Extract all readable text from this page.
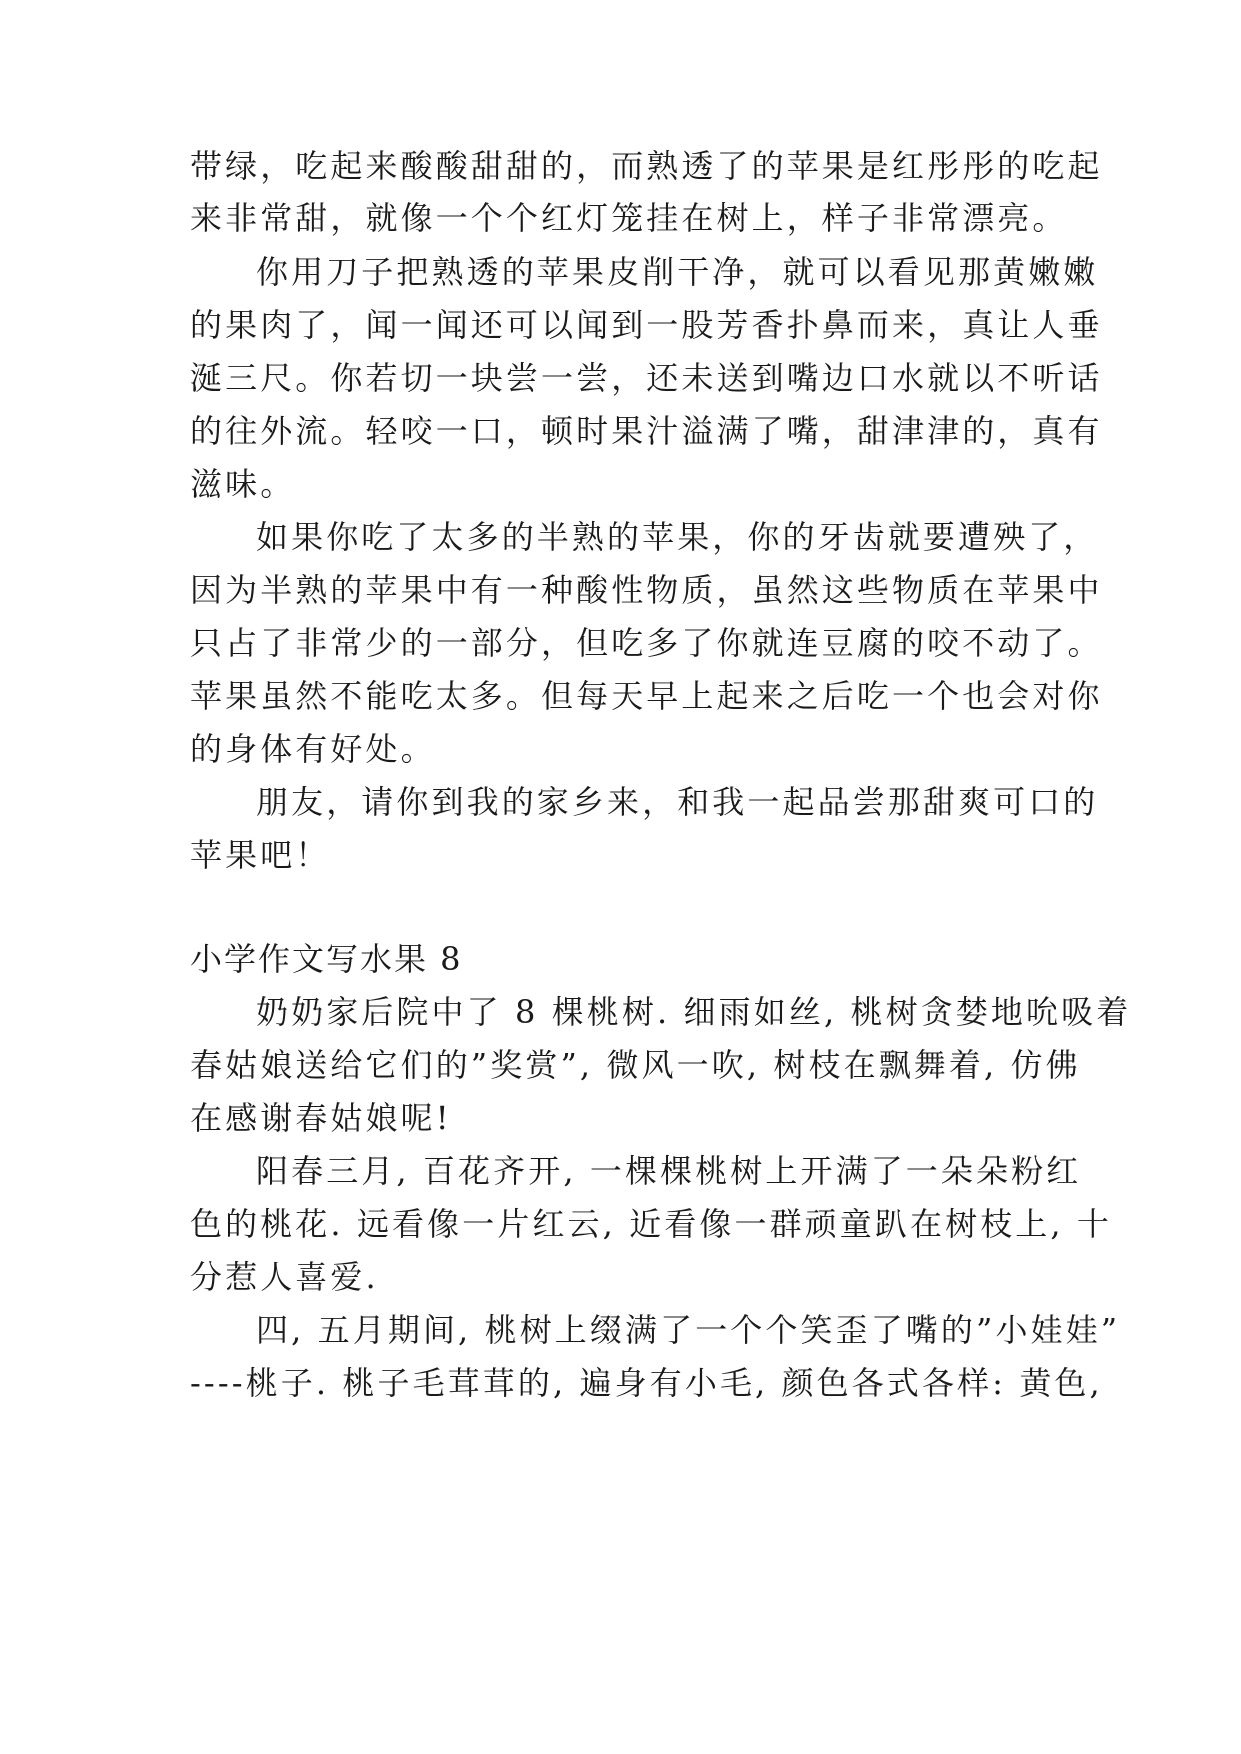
带绿，吃起来酸酸甜甜的，而熟透了的苹果是红彤彤的吃起
来非常甜，就像一个个红灯笼挂在树上，样子非常漂亮。
你用刀子把熟透的苹果皮削干净，就可以看见那黄嫩嫩
的果肉了，闻一闻还可以闻到一股芳香扑鼻而来，真让人垂
涎三尺。你若切一块尝一尝，还未送到嘴边口水就以不听话
的往外流。轻咬一口，顿时果汁溢满了嘴，甜津津的，真有
滋味。
如果你吃了太多的半熟的苹果，你的牙齿就要遭殃了，
因为半熟的苹果中有一种酸性物质，虽然这些物质在苹果中
只占了非常少的一部分，但吃多了你就连豆腐的咬不动了。
苹果虽然不能吃太多。但每天早上起来之后吃一个也会对你
的身体有好处。
朋友，请你到我的家乡来，和我一起品尝那甜爽可口的
苹果吧！
小学作文写水果 8
奶奶家后院中了 8 棵桃树. 细雨如丝, 桃树贪婪地吮吸着
春姑娘送给它们的”奖赏”, 微风一吹, 树枝在飘舞着, 仿佛
在感谢春姑娘呢!
阳春三月, 百花齐开, 一棵棵桃树上开满了一朵朵粉红
色的桃花. 远看像一片红云, 近看像一群顽童趴在树枝上, 十
分惹人喜爱.
四, 五月期间, 桃树上缀满了一个个笑歪了嘴的”小娃娃”
----桃子. 桃子毛茸茸的, 遍身有小毛, 颜色各式各样: 黄色,
